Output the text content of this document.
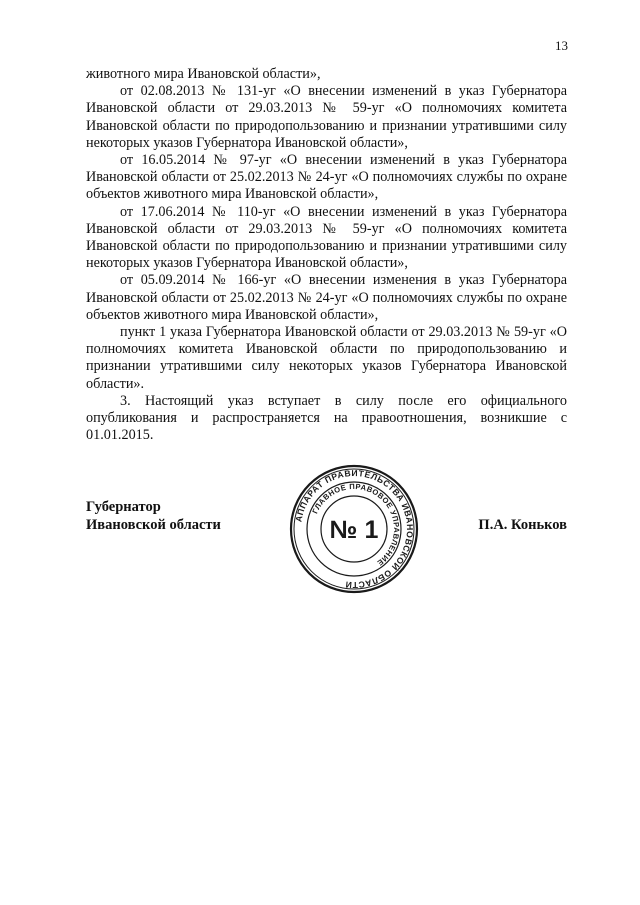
13

животного мира Ивановской области»,

от 02.08.2013 № 131-уг «О внесении изменений в указ Губернатора Ивановской области от 29.03.2013 № 59-уг «О полномочиях комитета Ивановской области по природопользованию и признании утратившими силу некоторых указов Губернатора Ивановской области»,

от 16.05.2014 № 97-уг «О внесении изменений в указ Губернатора Ивановской области от 25.02.2013 № 24-уг «О полномочиях службы по охране объектов животного мира Ивановской области»,

от 17.06.2014 № 110-уг «О внесении изменений в указ Губернатора Ивановской области от 29.03.2013 № 59-уг «О полномочиях комитета Ивановской области по природопользованию и признании утратившими силу некоторых указов Губернатора Ивановской области»,

от 05.09.2014 № 166-уг «О внесении изменения в указ Губернатора Ивановской области от 25.02.2013 № 24-уг «О полномочиях службы по охране объектов животного мира Ивановской области»,

пункт 1 указа Губернатора Ивановской области от 29.03.2013 № 59-уг «О полномочиях комитета Ивановской области по природопользованию и признании утратившими силу некоторых указов Губернатора Ивановской области».

3. Настоящий указ вступает в силу после его официального опубликования и распространяется на правоотношения, возникшие с 01.01.2015.

Губернатор
Ивановской области	АППАРАТ ПРАВИТЕЛЬСТВА ИВАНОВСКОЙ ОБЛАСТИ
ГЛАВНОЕ ПРАВОВОЕ УПРАВЛЕНИЕ
№ 1	П.А. Коньков
